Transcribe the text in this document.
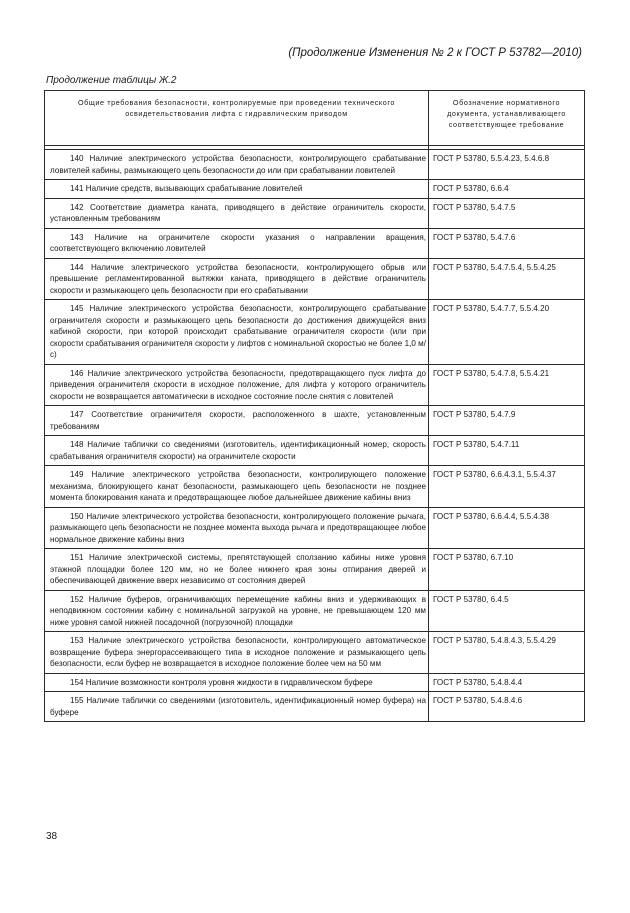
(Продолжение Изменения № 2 к ГОСТ Р 53782—2010)
Продолжение таблицы Ж.2
Общие требования безопасности, контролируемые при проведении технического освидетельствования лифта с гидравлическим приводом	Обозначение нормативного документа, устанавливающего соответствующее требование

140 Наличие электрического устройства безопасности, контролирующего срабатывание ловителей кабины, размыкающего цепь безопасности до или при срабатывании ловителей	ГОСТ Р 53780, 5.5.4.23, 5.4.6.8
141 Наличие средств, вызывающих срабатывание ловителей	ГОСТ Р 53780, 6.6.4
142 Соответствие диаметра каната, приводящего в действие ограничитель скорости, установленным требованиям	ГОСТ Р 53780, 5.4.7.5
143 Наличие на ограничителе скорости указания о направлении вращения, соответствующего включению ловителей	ГОСТ Р 53780, 5.4.7.6
144 Наличие электрического устройства безопасности, контролирующего обрыв или превышение регламентированной вытяжки каната, приводящего в действие ограничитель скорости и размыкающего цепь безопасности при его срабатывании	ГОСТ Р 53780, 5.4.7.5.4, 5.5.4.25
145 Наличие электрического устройства безопасности, контролирующего срабатывание ограничителя скорости и размыкающего цепь безопасности до достижения движущейся вниз кабиной скорости, при которой происходит срабатывание ограничителя скорости (или при скорости срабатывания ограничителя скорости у лифтов с номинальной скоростью не более 1,0 м/с)	ГОСТ Р 53780, 5.4.7.7, 5.5.4.20
146 Наличие электрического устройства безопасности, предотвращающего пуск лифта до приведения ограничителя скорости в исходное положение, для лифта у которого ограничитель скорости не возвращается автоматически в исходное состояние после снятия с ловителей	ГОСТ Р 53780, 5.4.7.8, 5.5.4.21
147 Соответствие ограничителя скорости, расположенного в шахте, установленным требованиям	ГОСТ Р 53780, 5.4.7.9
148 Наличие таблички со сведениями (изготовитель, идентификационный номер, скорость срабатывания ограничителя скорости) на ограничителе скорости	ГОСТ Р 53780, 5.4.7.11
149 Наличие электрического устройства безопасности, контролирующего положение механизма, блокирующего канат безопасности, размыкающего цепь безопасности не позднее момента блокирования каната и предотвращающее любое дальнейшее движение кабины вниз	ГОСТ Р 53780, 6.6.4.3.1, 5.5.4.37
150 Наличие электрического устройства безопасности, контролирующего положение рычага, размыкающего цепь безопасности не позднее момента выхода рычага и предотвращающее любое нормальное движение кабины вниз	ГОСТ Р 53780, 6.6.4.4, 5.5.4.38
151 Наличие электрической системы, препятствующей сползанию кабины ниже уровня этажной площадки более 120 мм, но не более нижнего края зоны отпирания дверей и обеспечивающей движение вверх независимо от состояния дверей	ГОСТ Р 53780, 6.7.10
152 Наличие буферов, ограничивающих перемещение кабины вниз и удерживающих в неподвижном состоянии кабину с номинальной загрузкой на уровне, не превышающем 120 мм ниже уровня самой нижней посадочной (погрузочной) площадки	ГОСТ Р 53780, 6.4.5
153 Наличие электрического устройства безопасности, контролирующего автоматическое возвращение буфера энергорассеивающего типа в исходное положение и размыкающего цепь безопасности, если буфер не возвращается в исходное положение более чем на 50 мм	ГОСТ Р 53780, 5.4.8.4.3, 5.5.4.29
154 Наличие возможности контроля уровня жидкости в гидравлическом буфере	ГОСТ Р 53780, 5.4.8.4.4
155 Наличие таблички со сведениями (изготовитель, идентификационный номер буфера) на буфере	ГОСТ Р 53780, 5.4.8.4.6
38
